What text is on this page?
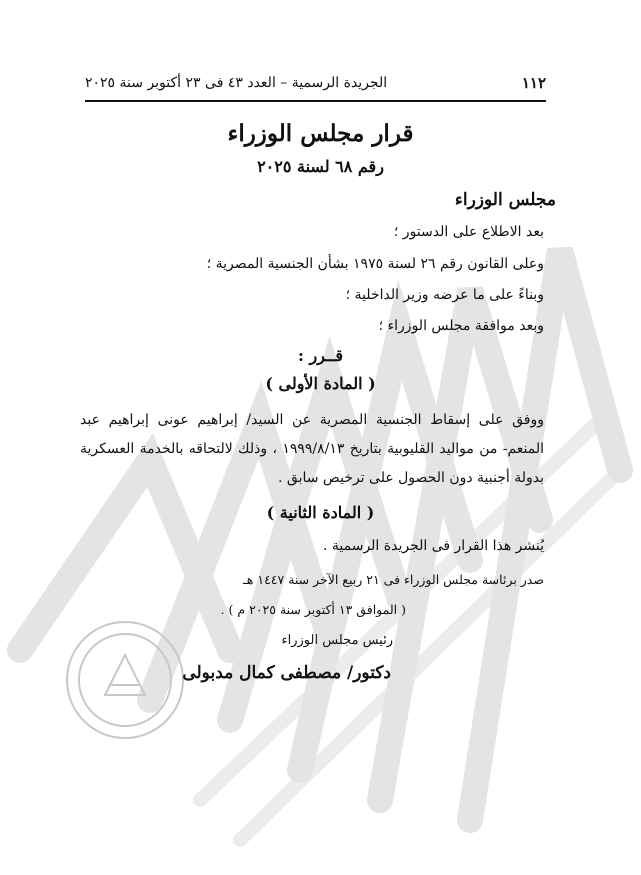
١١٢
الجريدة الرسمية – العدد ٤٣ فى ٢٣ أكتوبر سنة ٢٠٢٥
قرار مجلس الوزراء
رقم ٦٨ لسنة ٢٠٢٥
مجلس الوزراء
بعد الاطلاع على الدستور ؛
وعلى القانون رقم ٢٦ لسنة ١٩٧٥ بشأن الجنسية المصرية ؛
وبناءً على ما عرضه وزير الداخلية ؛
وبعد موافقة مجلس الوزراء ؛
قــرر :
( المادة الأولى )
ووفق على إسقاط الجنسية المصرية عن السيد/ إبراهيم عونى إبراهيم عبد المنعم- من مواليد القليوبية بتاريخ ١٩٩٩/٨/١٣ ، وذلك لالتحاقه بالخدمة العسكرية بدولة أجنبية دون الحصول على ترخيص سابق .
( المادة الثانية )
يُنشر هذا القرار فى الجريدة الرسمية .
صدر برئاسة مجلس الوزراء فى ٢١ ربيع الآخر سنة ١٤٤٧ هـ
( الموافق ١٣ أكتوبر سنة ٢٠٢٥ م ) .
رئيس مجلس الوزراء
دكتور/ مصطفى كمال مدبولى
